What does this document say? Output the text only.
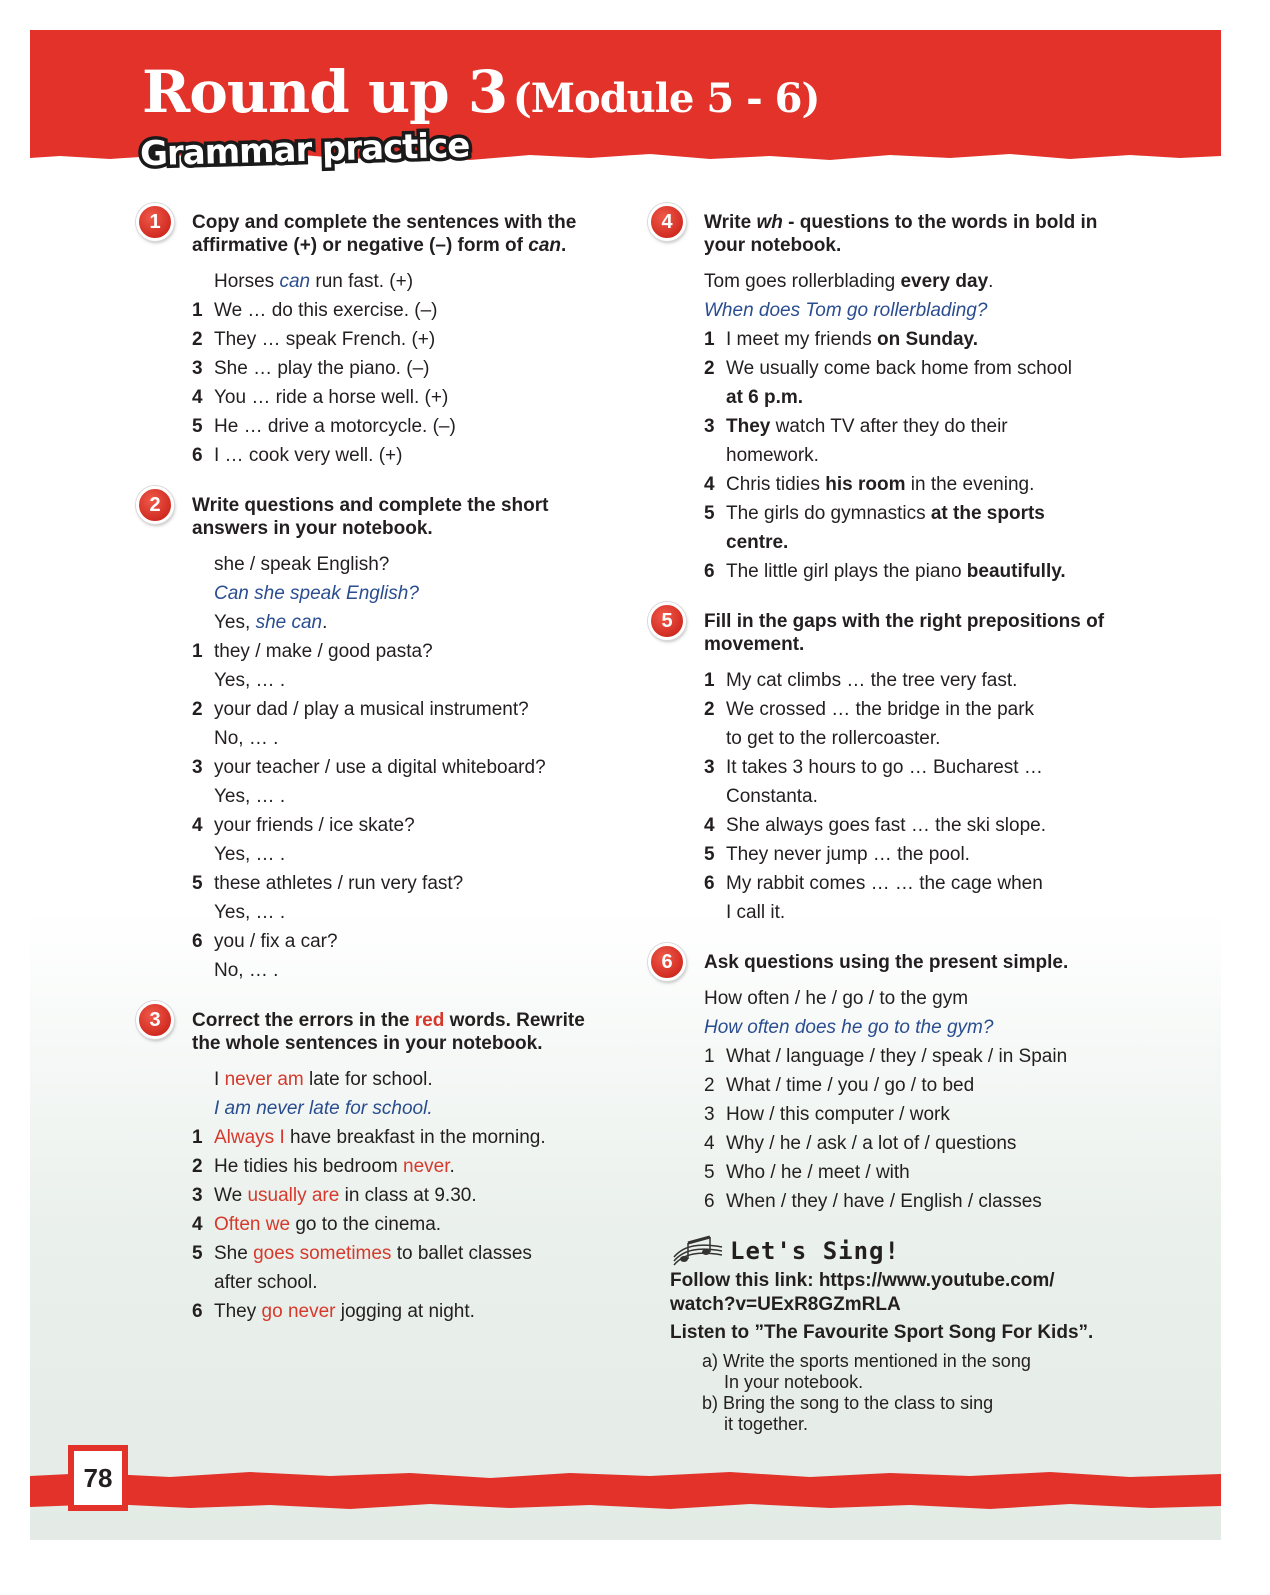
Round up 3 (Module 5 - 6)
Grammar practice
1	Copy and complete the sentences with the affirmative (+) or negative (–) form of can.
Horses can run fast. (+)
1 We … do this exercise. (–)
2 They … speak French. (+)
3 She … play the piano. (–)
4 You … ride a horse well. (+)
5 He … drive a motorcycle. (–)
6 I … cook very well. (+)
2	Write questions and complete the short answers in your notebook.
she / speak English?
Can she speak English?
Yes, she can.
1 they / make / good pasta?
Yes, … .
2 your dad / play a musical instrument?
No, … .
3 your teacher / use a digital whiteboard?
Yes, … .
4 your friends / ice skate?
Yes, … .
5 these athletes / run very fast?
Yes, … .
6 you / fix a car?
No, … .
3	Correct the errors in the red words. Rewrite the whole sentences in your notebook.
I never am late for school.
I am never late for school.
1 Always I have breakfast in the morning.
2 He tidies his bedroom never.
3 We usually are in class at 9.30.
4 Often we go to the cinema.
5 She goes sometimes to ballet classes
after school.
6 They go never jogging at night.
4	Write wh - questions to the words in bold in your notebook.
Tom goes rollerblading every day.
When does Tom go rollerblading?
1 I meet my friends on Sunday.
2 We usually come back home from school
at 6 p.m.
3 They watch TV after they do their
homework.
4 Chris tidies his room in the evening.
5 The girls do gymnastics at the sports
centre.
6 The little girl plays the piano beautifully.
5	Fill in the gaps with the right prepositions of movement.
1 My cat climbs … the tree very fast.
2 We crossed … the bridge in the park
to get to the rollercoaster.
3 It takes 3 hours to go … Bucharest …
Constanta.
4 She always goes fast … the ski slope.
5 They never jump … the pool.
6 My rabbit comes … … the cage when
I call it.
6	Ask questions using the present simple.
How often / he / go / to the gym
How often does he go to the gym?
1 What / language / they / speak / in Spain
2 What / time / you / go / to bed
3 How / this computer / work
4 Why / he / ask / a lot of / questions
5 Who / he / meet / with
6 When / they / have / English / classes
Let's Sing!
Follow this link: https://www.youtube.com/
watch?v=UExR8GZmRLA
Listen to ”The Favourite Sport Song For Kids”.
a) Write the sports mentioned in the song
In your notebook.
b) Bring the song to the class to sing
it together.
78
